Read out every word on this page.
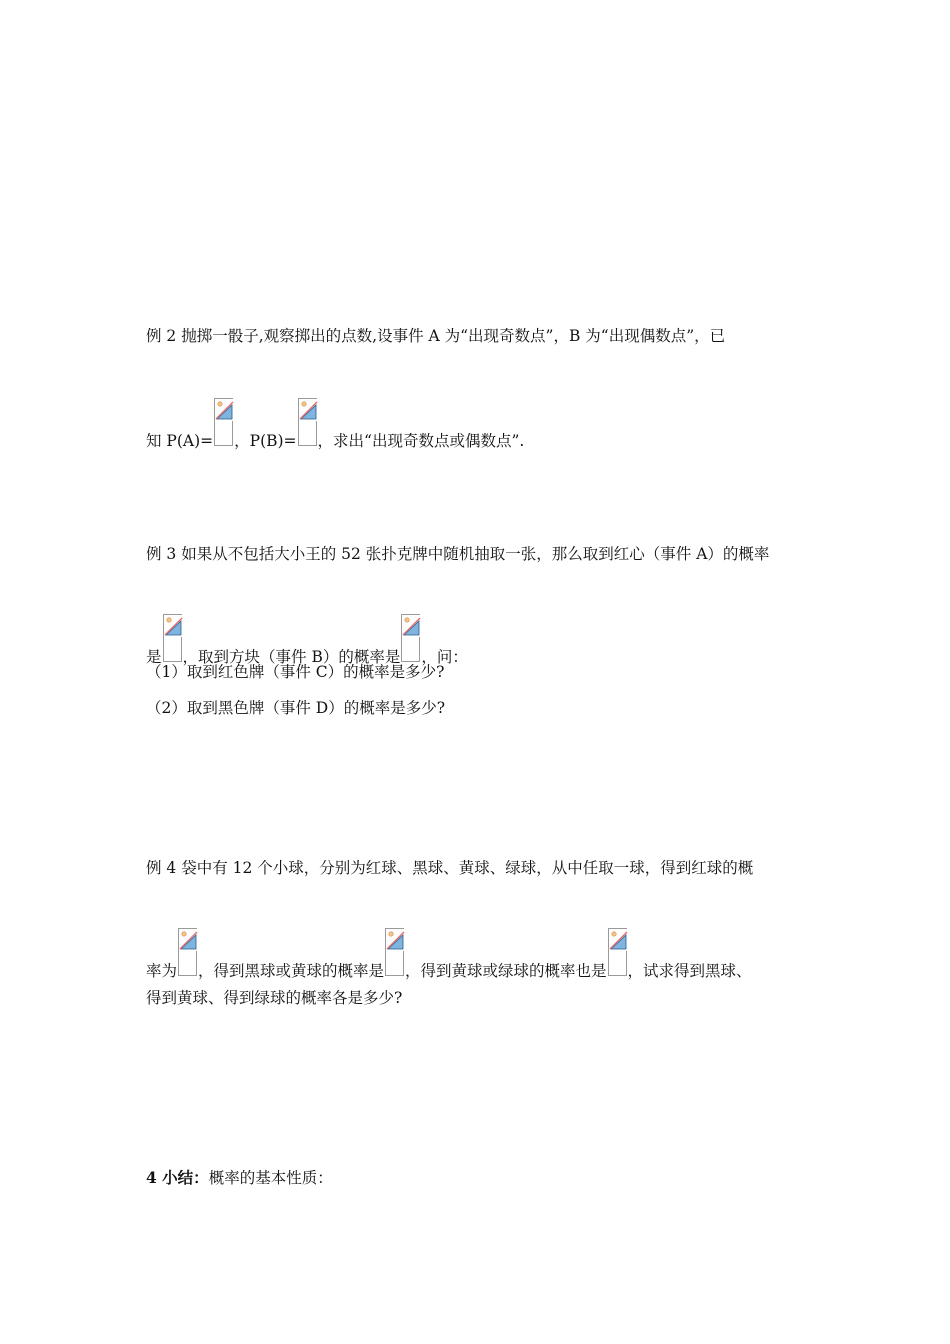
例 2 抛掷一骰子,观察掷出的点数,设事件 A 为“出现奇数点”，B 为“出现偶数点”，已
知 P(A)= ，P(B)= ，求出“出现奇数点或偶数点”.
例 3 如果从不包括大小王的 52 张扑克牌中随机抽取一张，那么取到红心（事件 A）的概率
是 ，取到方块（事件 B）的概率是 ，问：
（1）取到红色牌（事件 C）的概率是多少?
（2）取到黑色牌（事件 D）的概率是多少?
例 4 袋中有 12 个小球，分别为红球、黑球、黄球、绿球，从中任取一球，得到红球的概
率为 ，得到黑球或黄球的概率是 ，得到黄球或绿球的概率也是 ，试求得到黑球、
得到黄球、得到绿球的概率各是多少?
4 小结：概率的基本性质：
